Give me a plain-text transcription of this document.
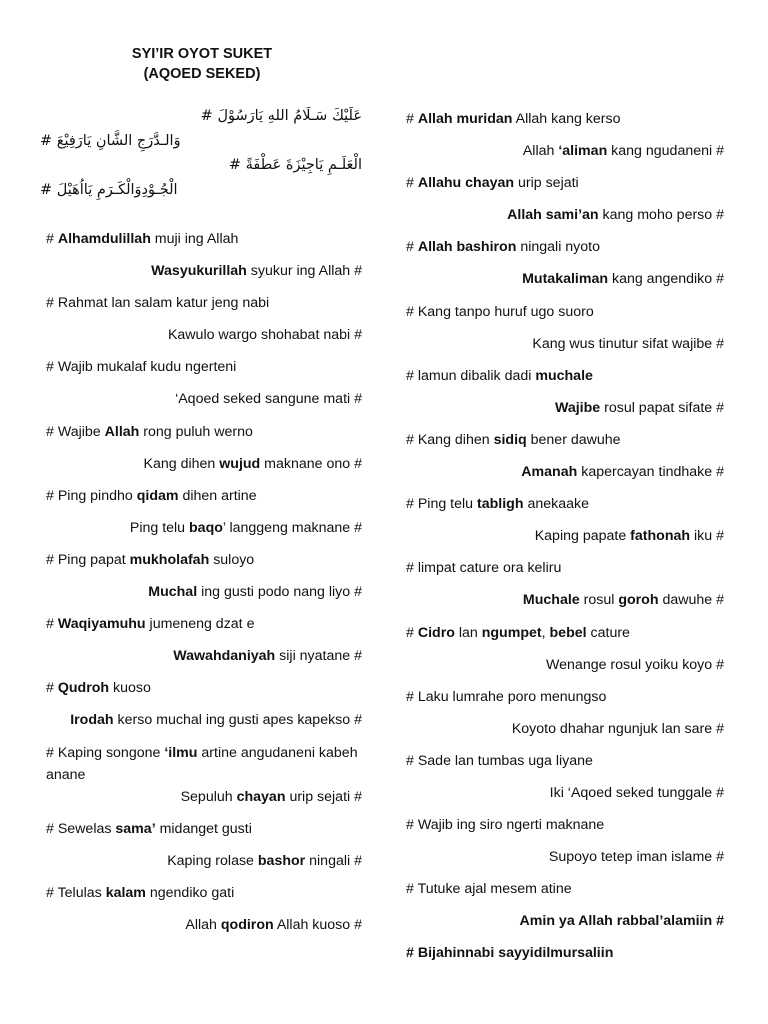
SYI’IR OYOT SUKET
(AQOED SEKED)
# عَلَيْكَ سَـلَامُ اللهِ يَارَسُوْلَ
# وَالـدَّرَجِ الشَّانِ يَارَفِيْعَ
# الْعَلَـمِ يَاجِيْزَةَ عَطْفَةً
# الْجُـوْدِوَالْكَـرَمِ يَااُهَيْلَ
# Alhamdulillah muji ing Allah
Wasyukurillah syukur ing Allah #
# Rahmat lan salam katur jeng nabi
Kawulo wargo shohabat nabi #
# Wajib mukalaf kudu ngerteni
‘Aqoed seked sangune mati #
# Wajibe Allah rong puluh werno
Kang dihen wujud maknane ono #
# Ping pindho qidam dihen artine
Ping telu baqo’ langgeng maknane #
# Ping papat mukholafah suloyo
Muchal ing gusti podo nang liyo #
# Waqiyamuhu jumeneng dzat e
Wawahdaniyah siji nyatane #
# Qudroh kuoso
Irodah kerso muchal ing gusti apes kapekso #
# Kaping songone ‘ilmu artine angudaneni kabeh anane
Sepuluh chayan urip sejati #
# Sewelas sama’ midanget gusti
Kaping rolase bashor ningali #
# Telulas kalam ngendiko gati
Allah qodiron Allah kuoso #
# Allah muridan Allah kang kerso
Allah ‘aliman kang ngudaneni #
# Allahu chayan urip sejati
Allah sami’an kang moho perso #
# Allah bashiron ningali nyoto
Mutakaliman kang angendiko #
# Kang tanpo huruf ugo suoro
Kang wus tinutur sifat wajibe #
# lamun dibalik dadi muchale
Wajibe rosul papat sifate #
# Kang dihen sidiq bener dawuhe
Amanah kapercayan tindhake #
# Ping telu tabligh anekaake
Kaping papate fathonah iku #
# limpat cature ora keliru
Muchale rosul goroh dawuhe #
# Cidro lan ngumpet, bebel cature
Wenange rosul yoiku koyo #
# Laku lumrahe poro menungso
Koyoto dhahar ngunjuk lan sare #
# Sade lan tumbas uga liyane
Iki ‘Aqoed seked tunggale #
# Wajib ing siro ngerti maknane
Supoyo tetep iman islame #
# Tutuke ajal mesem atine
Amin ya Allah rabbal’alamiin #
# Bijahinnabi sayyidilmursaliin
